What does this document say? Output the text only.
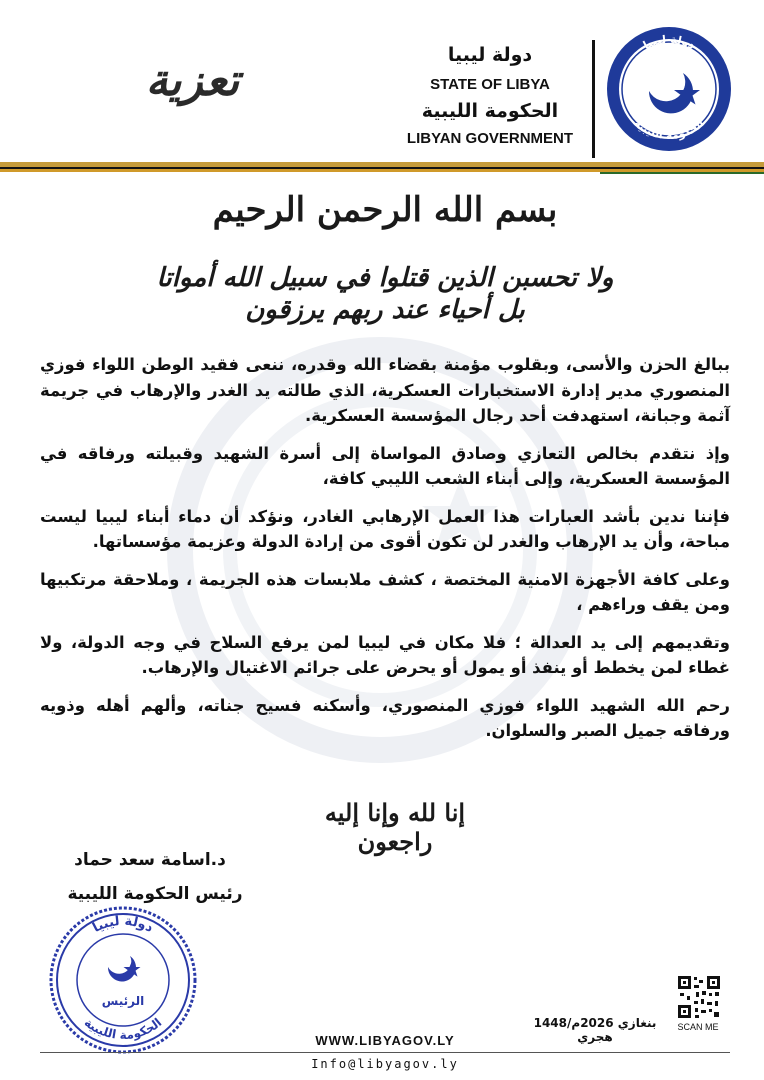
دولة ليبيا
الحكومة الليبية
دولة ليبيا
STATE OF LIBYA
الحكومة الليبية
LIBYAN GOVERNMENT
تعزية
بسم الله الرحمن الرحيم
ولا تحسبن الذين قتلوا في سبيل الله أمواتا بل أحياء عند ربهم يرزقون

ببالغ الحزن والأسى، وبقلوب مؤمنة بقضاء الله وقدره، ننعى فقيد الوطن اللواء فوزي المنصوري مدير إدارة الاستخبارات العسكرية، الذي طالته يد الغدر والإرهاب في جريمة آثمة وجبانة، استهدفت أحد رجال المؤسسة العسكرية.

وإذ نتقدم بخالص التعازي وصادق المواساة إلى أسرة الشهيد وقبيلته ورفاقه في المؤسسة العسكرية، وإلى أبناء الشعب الليبي كافة،

فإننا ندين بأشد العبارات هذا العمل الإرهابي الغادر، ونؤكد أن دماء أبناء ليبيا ليست مباحة، وأن يد الإرهاب والغدر لن تكون أقوى من إرادة الدولة وعزيمة مؤسساتها.

وعلى كافة الأجهزة الامنية المختصة ، كشف ملابسات هذه الجريمة ، وملاحقة مرتكبيها ومن يقف وراءهم ،

وتقديمهم إلى يد العدالة ؛ فلا مكان في ليبيا لمن يرفع السلاح في وجه الدولة، ولا غطاء لمن يخطط أو ينفذ أو يمول أو يحرض على جرائم الاغتيال والإرهاب.

رحم الله الشهيد اللواء فوزي المنصوري، وأسكنه فسيح جناته، وألهم أهله وذويه ورفاقه جميل الصبر والسلوان.

إنا لله وإنا إليه راجعون
د.اسامة سعد حماد
رئيس الحكومة الليبية
الرئيس
دولة ليبيا
الحكومة الليبية	بنغازي 2026م/1448 هجري
SCAN ME
WWW.LIBYAGOV.LY
Info@libyagov.ly
